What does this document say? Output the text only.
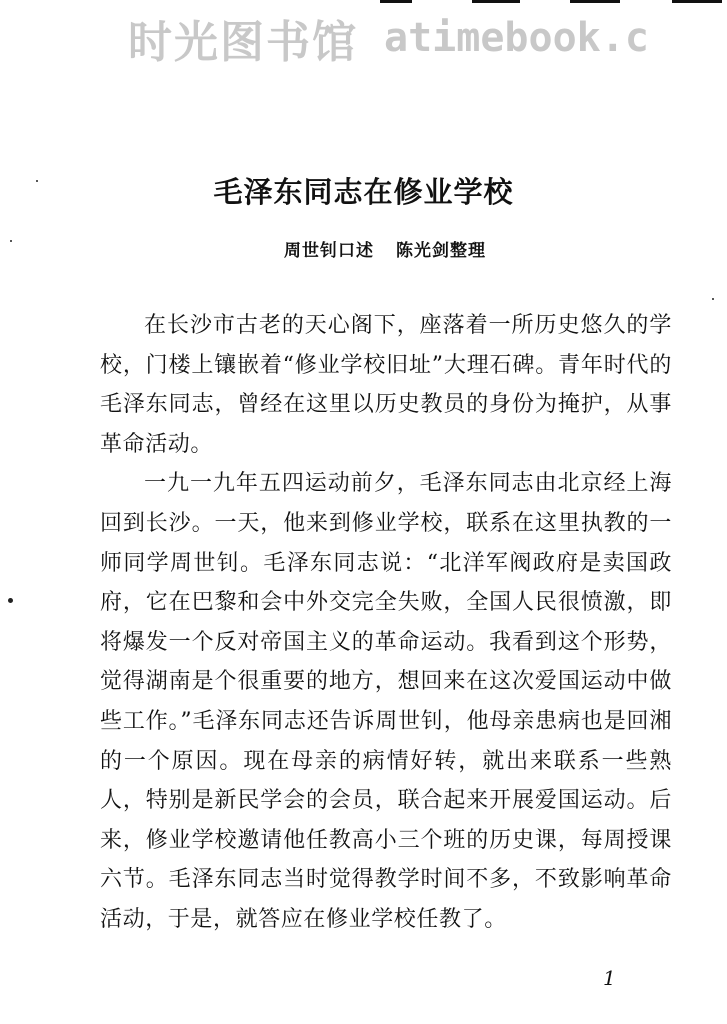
时光图书馆 atimebook.c
毛泽东同志在修业学校
周世钊口述 陈光剑整理

在长沙市古老的天心阁下，座落着一所历史悠久的学校，门楼上镶嵌着“修业学校旧址”大理石碑。青年时代的毛泽东同志，曾经在这里以历史教员的身份为掩护，从事革命活动。

一九一九年五四运动前夕，毛泽东同志由北京经上海回到长沙。一天，他来到修业学校，联系在这里执教的一师同学周世钊。毛泽东同志说：“北洋军阀政府是卖国政府，它在巴黎和会中外交完全失败，全国人民很愤激，即将爆发一个反对帝国主义的革命运动。我看到这个形势，觉得湖南是个很重要的地方，想回来在这次爱国运动中做些工作。”毛泽东同志还告诉周世钊，他母亲患病也是回湘的一个原因。现在母亲的病情好转，就出来联系一些熟人，特别是新民学会的会员，联合起来开展爱国运动。后来，修业学校邀请他任教高小三个班的历史课，每周授课六节。毛泽东同志当时觉得教学时间不多，不致影响革命活动，于是，就答应在修业学校任教了。

1
